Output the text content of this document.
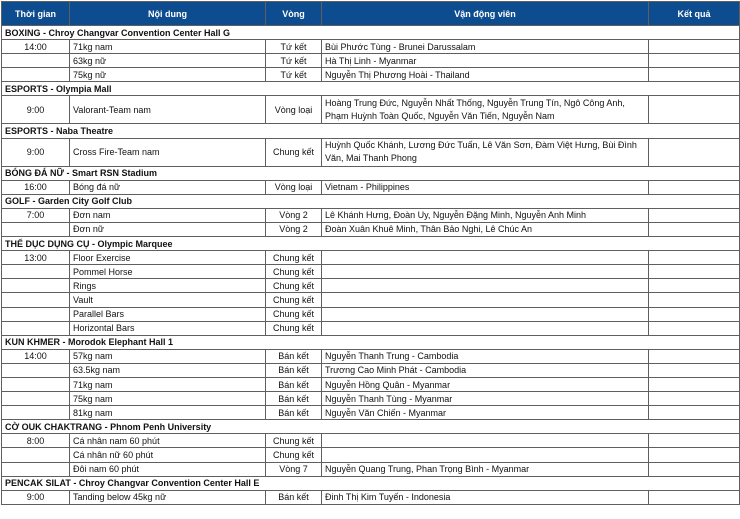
Thời gian	Nội dung	Vòng	Vận động viên	Kết quả
BOXING - Chroy Changvar Convention Center Hall G				
14:00	71kg nam	Tứ kết	Bùi Phước Tùng - Brunei Darussalam	
	63kg nữ	Tứ kết	Hà Thị Linh - Myanmar	
	75kg nữ	Tứ kết	Nguyễn Thị Phương Hoài - Thailand	
ESPORTS - Olympia Mall				
9:00	Valorant-Team nam	Vòng loại	Hoàng Trung Đức, Nguyễn Nhất Thống, Nguyễn Trung Tín, Ngô Công Anh, Phạm Huỳnh Toàn Quốc, Nguyễn Văn Tiến, Nguyễn Nam	
ESPORTS - Naba Theatre				
9:00	Cross Fire-Team nam	Chung kết	Huỳnh Quốc Khánh, Lương Đức Tuấn, Lê Văn Sơn, Đàm Việt Hưng, Bùi Đình Văn, Mai Thanh Phong	
BÓNG ĐÁ NỮ - Smart RSN Stadium				
16:00	Bóng đá nữ	Vòng loại	Vietnam - Philippines	
GOLF - Garden City Golf Club				
7:00	Đơn nam	Vòng 2	Lê Khánh Hưng, Đoàn Uy, Nguyễn Đặng Minh, Nguyễn Anh Minh	
	Đơn nữ	Vòng 2	Đoàn Xuân Khuê Minh, Thân Bảo Nghi, Lê Chúc An	
THỂ DỤC DỤNG CỤ - Olympic Marquee				
13:00	Floor Exercise	Chung kết		
	Pommel Horse	Chung kết		
	Rings	Chung kết		
	Vault	Chung kết		
	Parallel Bars	Chung kết		
	Horizontal Bars	Chung kết		
KUN KHMER - Morodok Elephant Hall 1				
14:00	57kg nam	Bán kết	Nguyễn Thanh Trung - Cambodia	
	63.5kg nam	Bán kết	Trương Cao Minh Phát - Cambodia	
	71kg nam	Bán kết	Nguyễn Hồng Quân - Myanmar	
	75kg nam	Bán kết	Nguyễn Thanh Tùng - Myanmar	
	81kg nam	Bán kết	Nguyễn Văn Chiến - Myanmar	
CỜ OUK CHAKTRANG - Phnom Penh University				
8:00	Cá nhân nam 60 phút	Chung kết		
	Cá nhân nữ 60 phút	Chung kết		
	Đôi nam 60 phút	Vòng 7	Nguyễn Quang Trung, Phan Trọng Bình - Myanmar	
PENCAK SILAT - Chroy Changvar Convention Center Hall E				
9:00	Tanding below 45kg nữ	Bán kết	Đinh Thị Kim Tuyến - Indonesia	
